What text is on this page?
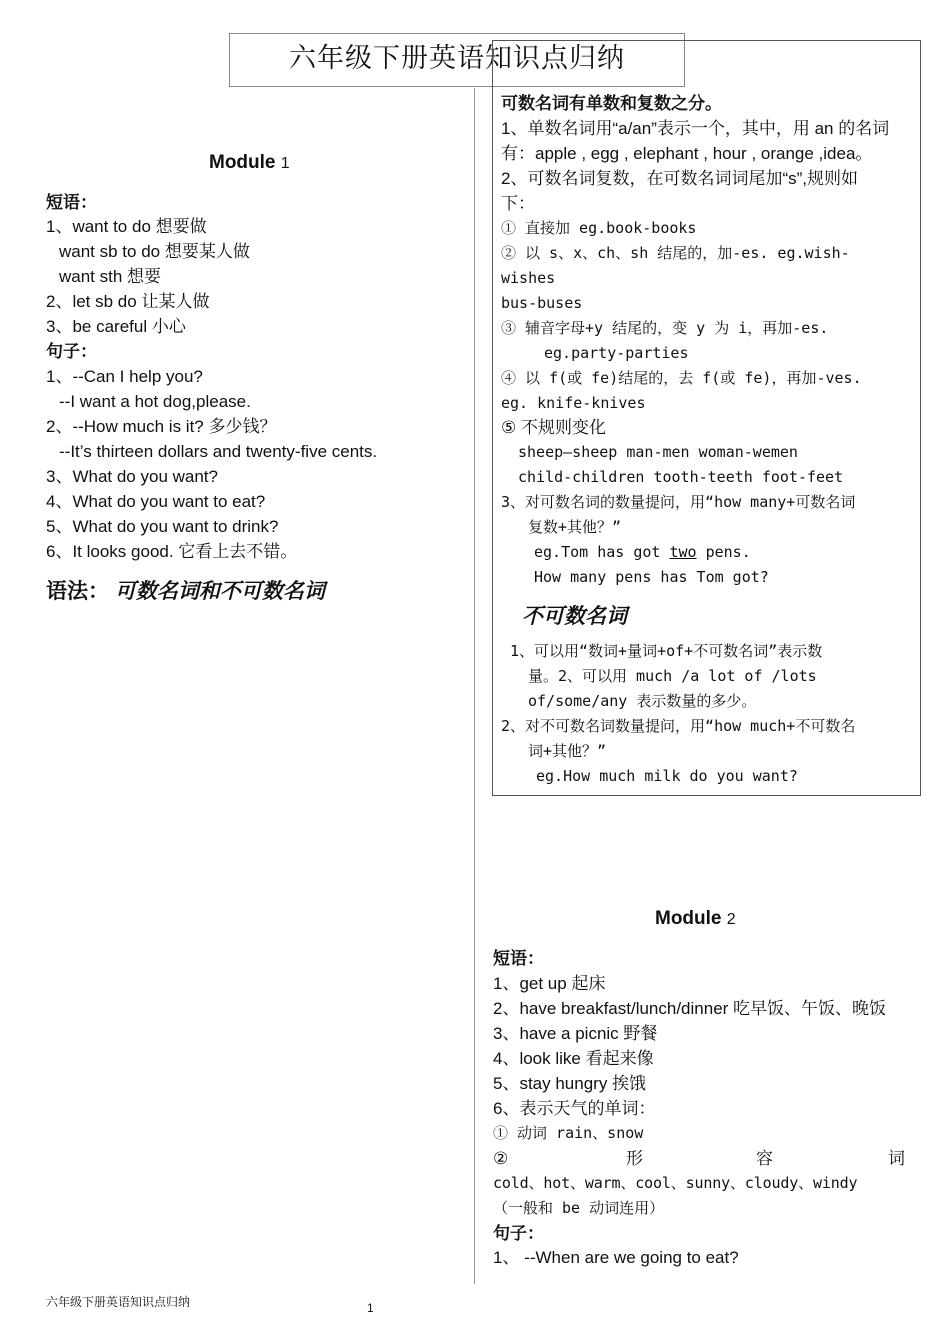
六年级下册英语知识点归纳
Module 1
短语：
1、want to do 想要做
want sb to do 想要某人做
want sth 想要
2、let sb do 让某人做
3、be careful 小心
句子：
1、--Can I help you?
--I want a hot dog,please.
2、--How much is it? 多少钱？
--It’s thirteen dollars and twenty-five cents.
3、What do you want?
4、What do you want to eat?
5、What do you want to drink?
6、It looks good. 它看上去不错。
语法： 可数名词和不可数名词
可数名词有单数和复数之分。
1、单数名词用“a/an”表示一个，其中，用 an 的名词
有：apple , egg , elephant , hour , orange ,idea。
2、可数名词复数，在可数名词词尾加“s”,规则如
下：
① 直接加 eg.book-books
② 以 s、x、ch、sh 结尾的，加-es. eg.wish-
wishes
bus-buses
③ 辅音字母+y 结尾的，变 y 为 i，再加-es.
eg.party-parties
④ 以 f(或 fe)结尾的，去 f(或 fe)，再加-ves.
eg. knife-knives
⑤ 不规则变化
sheep—sheep man-men woman-wemen
child-children tooth-teeth foot-feet
3、对可数名词的数量提问，用“how many+可数名词
复数+其他？”
eg.Tom has got two pens.
How many pens has Tom got?
不可数名词
1、可以用“数词+量词+of+不可数名词”表示数
量。2、可以用 much /a lot of /lots
of/some/any 表示数量的多少。
2、对不可数名词数量提问，用“how much+不可数名
词+其他？”
eg.How much milk do you want?
Module 2
短语：
1、get up 起床
2、have breakfast/lunch/dinner 吃早饭、午饭、晚饭
3、have a picnic 野餐
4、look like 看起来像
5、stay hungry 挨饿
6、表示天气的单词：
① 动词 rain、snow
②	形	容	词
cold、hot、warm、cool、sunny、cloudy、windy
（一般和 be 动词连用）
句子：
1、 --When are we going to eat?
六年级下册英语知识点归纳	1
